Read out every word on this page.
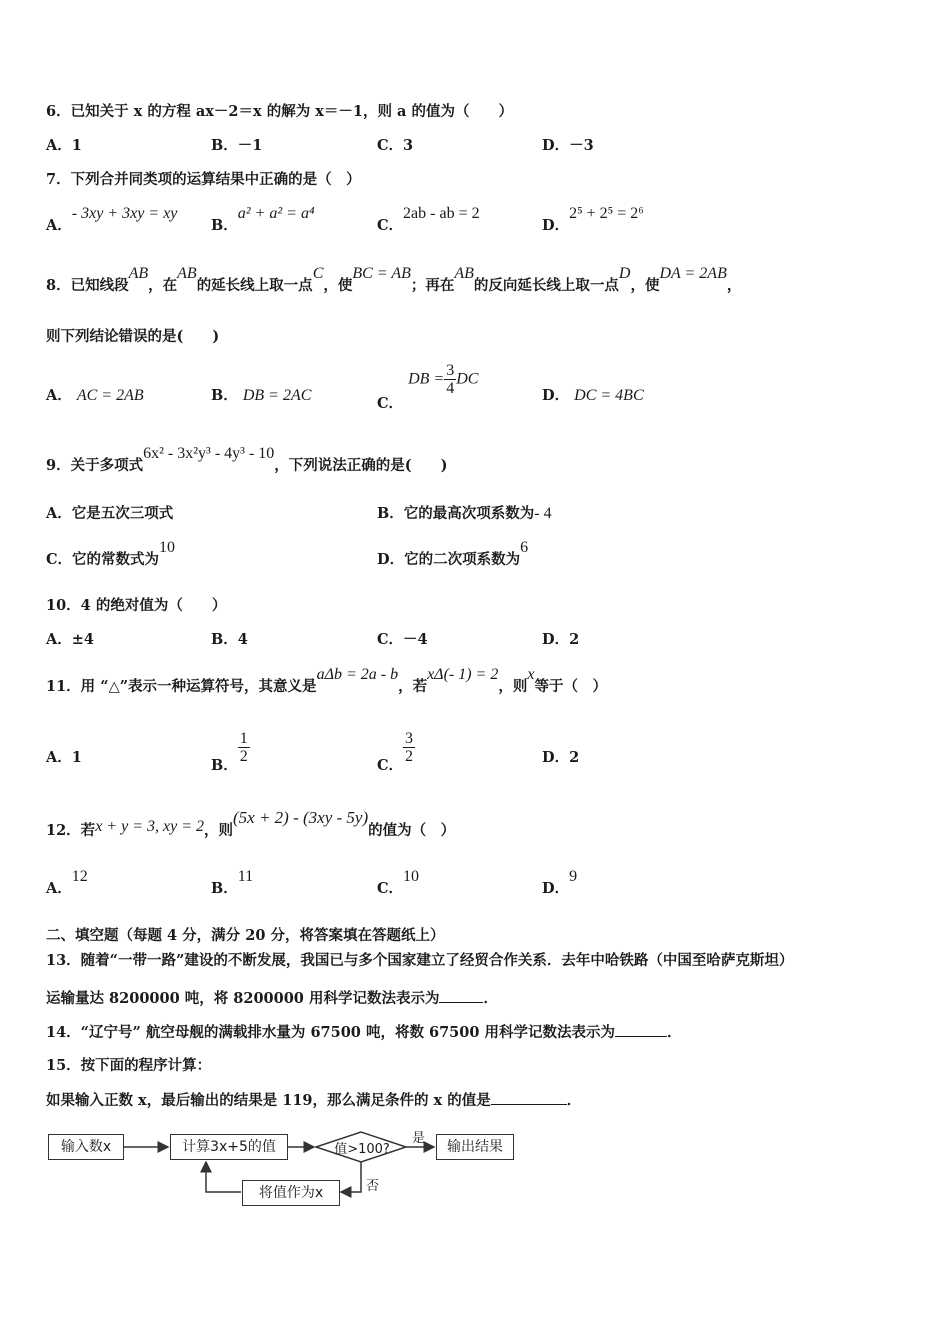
6．已知关于 x 的方程 ax－2＝x 的解为 x＝－1，则 a 的值为（　　）
A．1	B．－1	C．3	D．－3
7．下列合并同类项的运算结果中正确的是（　）
A．- 3xy + 3xy = xy
B．a² + a² = a⁴
C．2ab - ab = 2
D．2⁵ + 2⁵ = 2⁶
8．已知线段AB，在AB的延长线上取一点C，使BC = AB；再在AB的反向延长线上取一点D，使DA = 2AB，
则下列结论错误的是(　　)
A． AC = 2AB	B． DB = 2AC	C． DB = $\frac{3}{4}$ DC
D． DC = 4BC
9．关于多项式6x² - 3x²y³ - 4y³ - 10，下列说法正确的是(　　)
A．它是五次三项式	B．它的最高次项系数为- 4
C．它的常数式为10
D．它的二次项系数为6
10．4 的绝对值为（　　）
A．±4	B．4	C．－4	D．2
11．用 “△”表示一种运算符号，其意义是aΔb = 2a - b，若xΔ(- 1) = 2，则x等于（　）
A．1	B． $\frac{1}{2}$	C． $\frac{3}{2}$	D．2
12．若x + y = 3, xy = 2，则(5x + 2) - (3xy - 5y)的值为（　）
A．12
B．11
C．10
D．9
二、填空题（每题 4 分，满分 20 分，将答案填在答题纸上）
13．随着“一带一路”建设的不断发展，我国已与多个国家建立了经贸合作关系．去年中哈铁路（中国至哈萨克斯坦）
运输量达 8200000 吨，将 8200000 用科学记数法表示为	．
14．“辽宁号” 航空母舰的满载排水量为 67500 吨，将数 67500 用科学记数法表示为	．
15．按下面的程序计算：
如果输入正数 x，最后输出的结果是 119，那么满足条件的 x 的值是	．
输入数x	计算3x+5的值	值>100?
是
输出结果
否
将值作为x
